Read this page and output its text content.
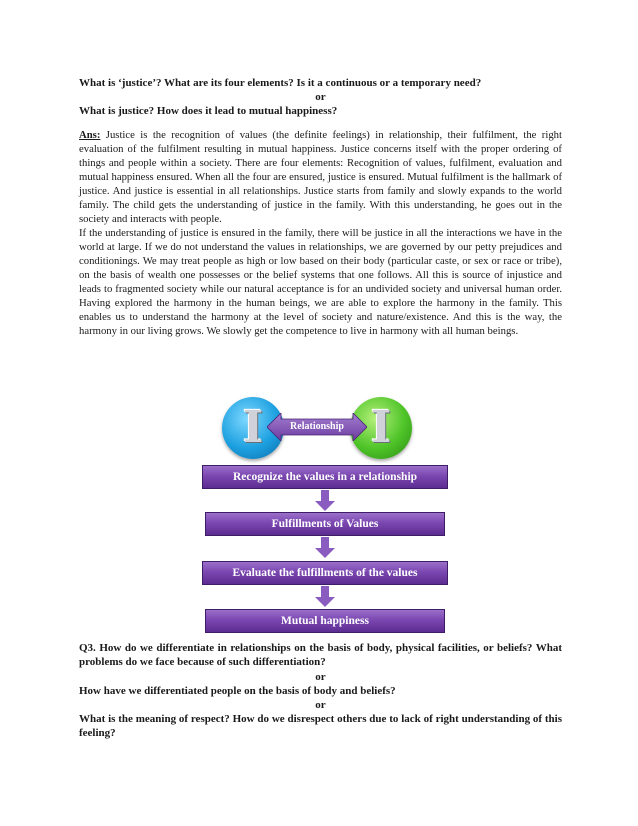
What is ‘justice’? What are its four elements? Is it a continuous or a temporary need?
or
What is justice? How does it lead to mutual happiness?

Ans: Justice is the recognition of values (the definite feelings) in relationship, their fulfilment, the right evaluation of the fulfilment resulting in mutual happiness. Justice concerns itself with the proper ordering of things and people within a society. There are four elements: Recognition of values, fulfilment, evaluation and mutual happiness ensured. When all the four are ensured, justice is ensured. Mutual fulfilment is the hallmark of justice. And justice is essential in all relationships. Justice starts from family and slowly expands to the world family. The child gets the understanding of justice in the family. With this understanding, he goes out in the society and interacts with people.

If the understanding of justice is ensured in the family, there will be justice in all the interactions we have in the world at large. If we do not understand the values in relationships, we are governed by our petty prejudices and conditionings. We may treat people as high or low based on their body (particular caste, or sex or race or tribe), on the basis of wealth one possesses or the belief systems that one follows. All this is source of injustice and leads to fragmented society while our natural acceptance is for an undivided society and universal human order. Having explored the harmony in the human beings, we are able to explore the harmony in the family. This enables us to understand the harmony at the level of society and nature/existence. And this is the way, the harmony in our living grows. We slowly get the competence to live in harmony with all human beings.

I	I
Relationship
Recognize the values in a relationship
Fulfillments of Values
Evaluate the fulfillments of the values
Mutual happiness
Q3. How do we differentiate in relationships on the basis of body, physical facilities, or beliefs? What problems do we face because of such differentiation?
or
How have we differentiated people on the basis of body and beliefs?
or
What is the meaning of respect? How do we disrespect others due to lack of right understanding of this feeling?
